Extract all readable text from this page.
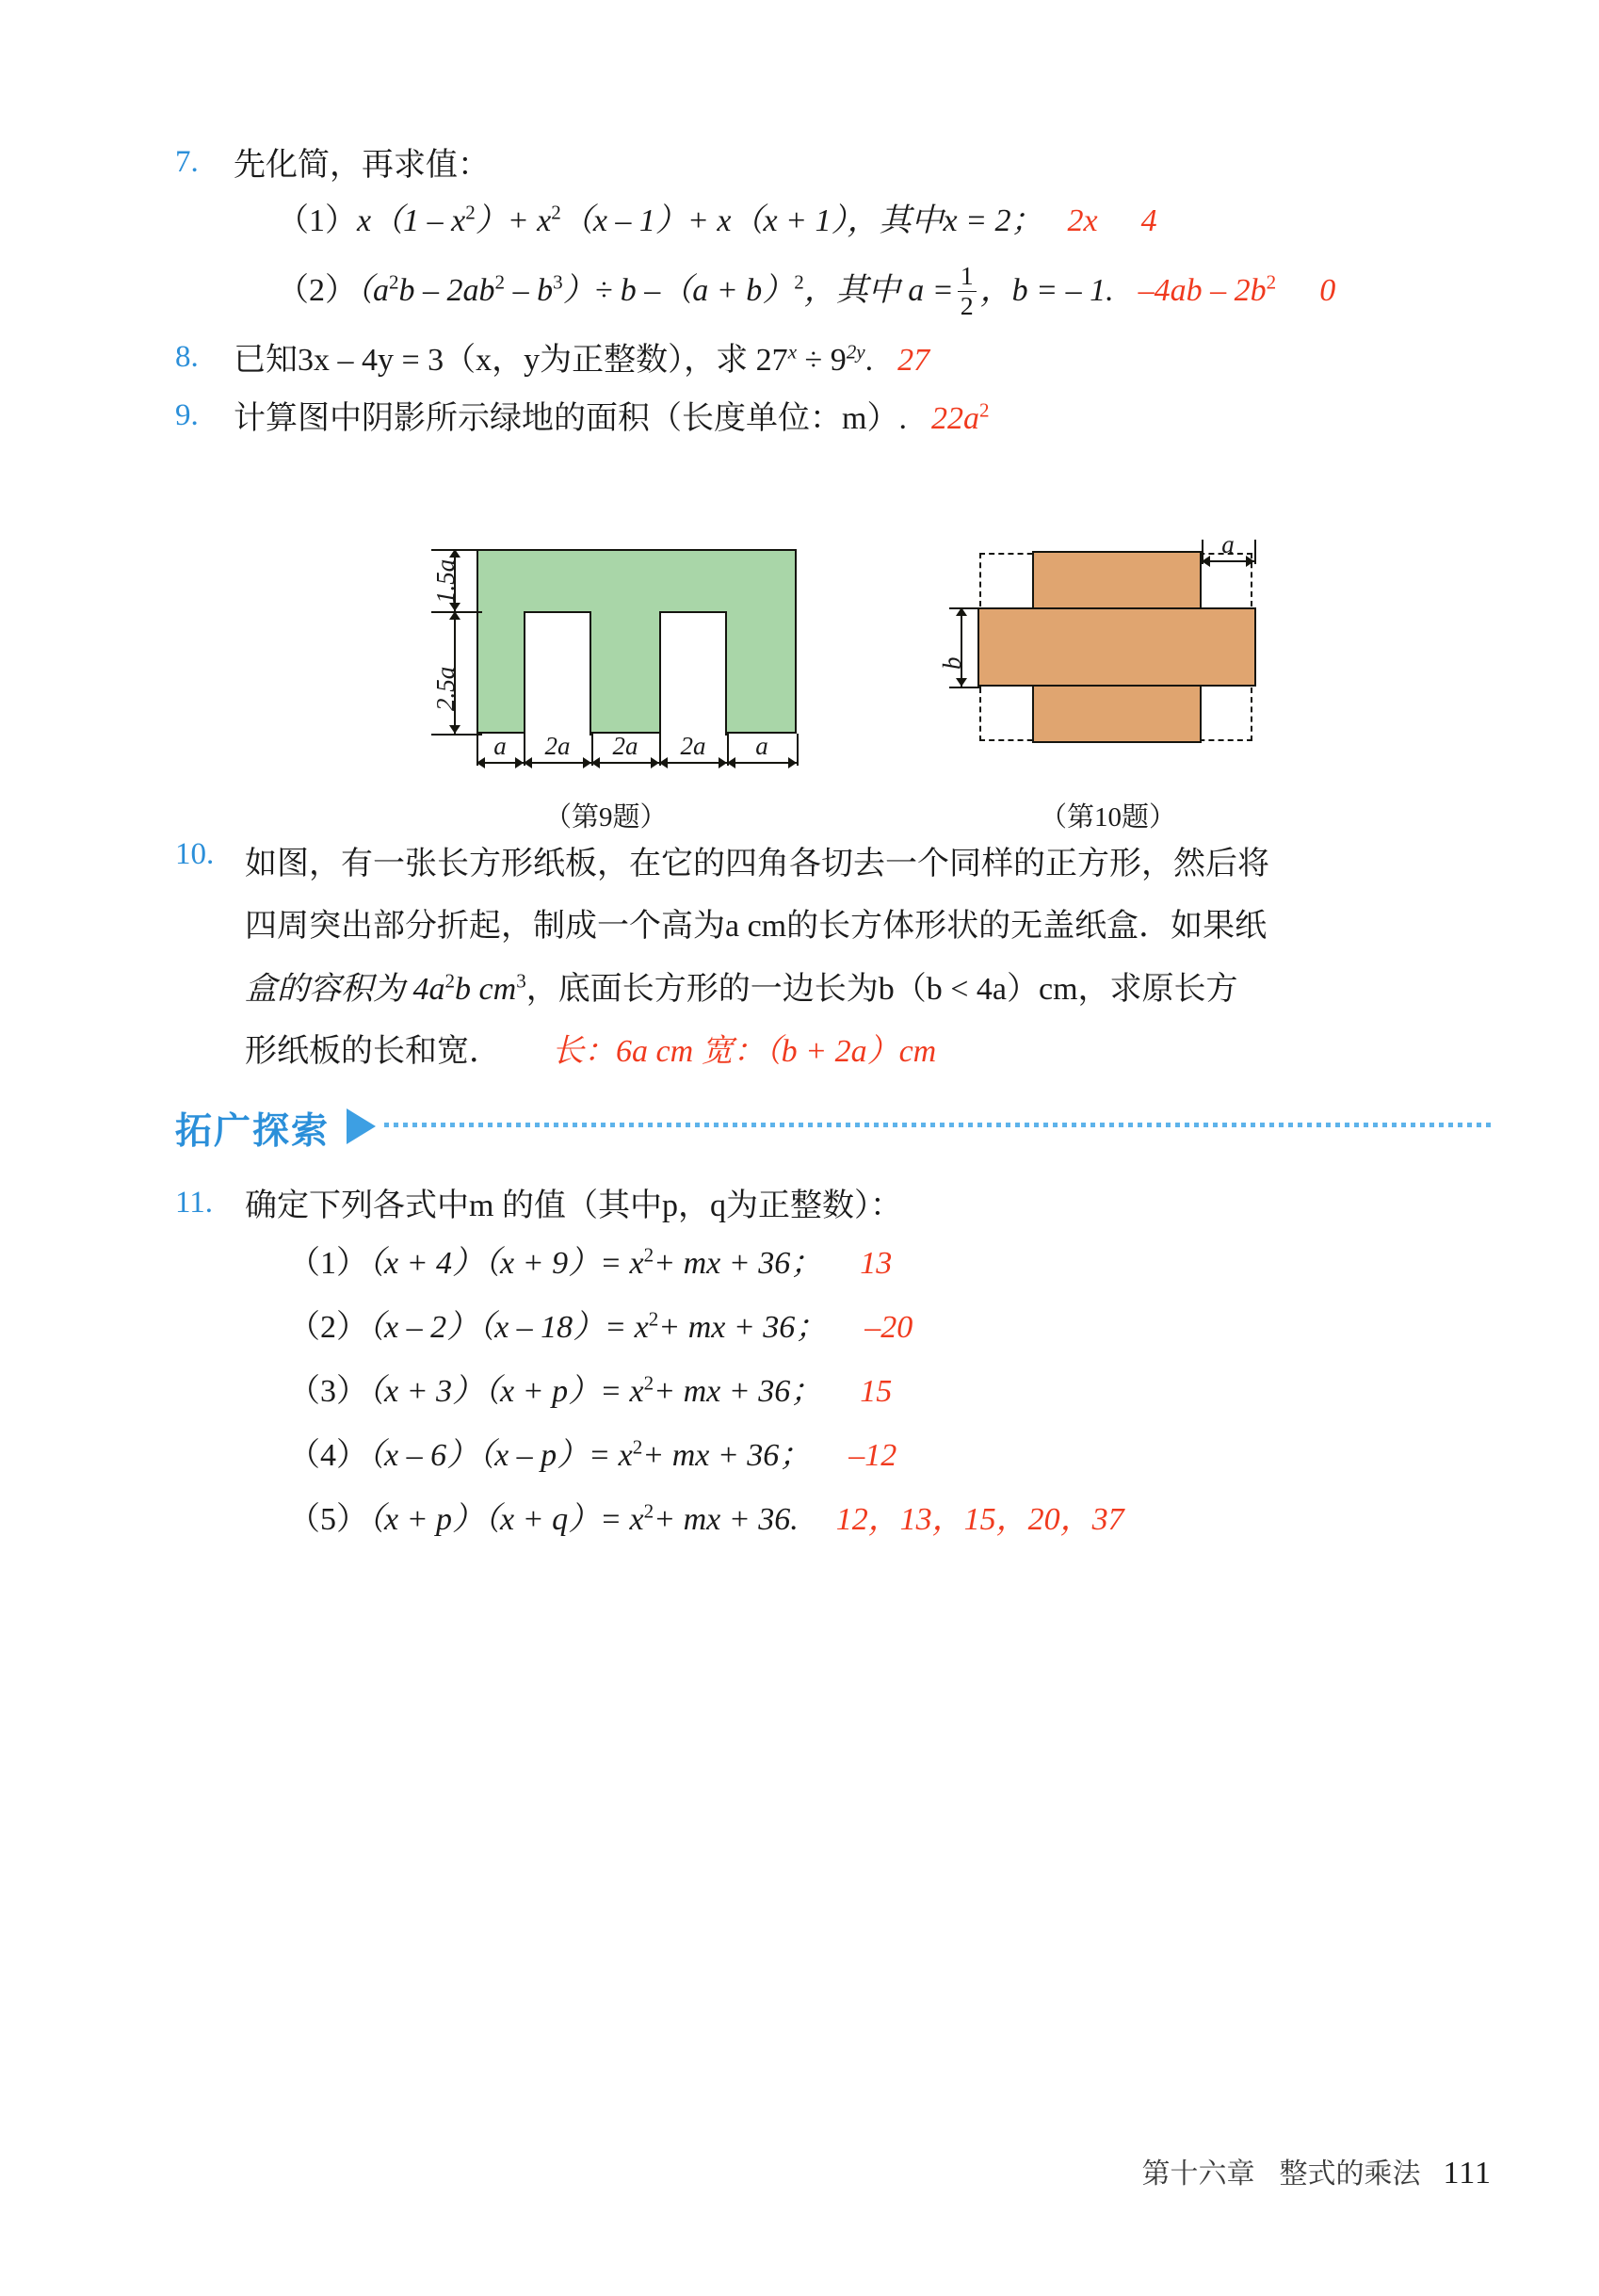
7.	先化简，再求值：
$(1)x(1 - x^2)+ x^2(x - 1)+ x(x + 1)$，其中x = 2； 2x 4
$(2)(a^2b - 2ab^2 - b^3)\div b$ $-(a + b)^2$，其中 $a = \frac{1}{2}$ ，b = – 1. $-4ab - 2b^2$ 0
8.	已知3x – 4y = 3（x，y为正整数），求 $27^x \div 9^{2y}$. 27
9.	计算图中阴影所示绿地的面积（长度单位：m）. $22a^2$
1.5a
2.5a
a	2a	2a	2a	a
（第9题）
a
b
（第10题）
10. 如图，有一张长方形纸板，在它的四角各切去一个同样的正方形，然后将
四周突出部分折起，制成一个高为a cm的长方体形状的无盖纸盒．如果纸
盒的容积为 $4a^2b$ $cm^3$，底面长方形的一边长为b（b < 4a）cm，求原长方
形纸板的长和宽． 长：6a cm 宽：（b + 2a）cm
拓广探索
11. 确定下列各式中m 的值（其中p，q为正整数）：
$(1)(x + 4)(x + 9)= x^2+$ mx + 36； 13
$(2)(x - 2)(x - 18)= x^2+$ mx + 36； –20
$(3)(x + 3)(x + p)= x^2+$ mx + 36； 15
$(4)(x - 6)(x - p)= x^2+$ mx + 36； –12
$(5)(x + p)(x + q)= x^2+$ mx + 36. 12，13，15，20，37
第十六章 整式的乘法 111
